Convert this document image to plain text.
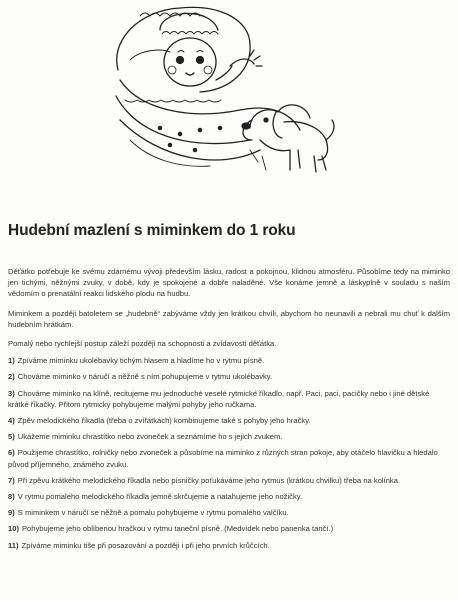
Hudební mazlení s miminkem do 1 roku

Děťátko potřebuje ke svému zdárnému vývoji především lásku, radost a pokojnou, klidnou atmosféru. Působíme tedy na miminko jen tichými, něžnými zvuky, v době, kdy je spokojené a dobře naladěné. Vše konáme jemně a láskyplně v souladu s naším vědomím o prenatální reakci lidského plodu na hudbu.

Miminkem a později batoletem se „hudebně“ zabýváme vždy jen krátkou chvíli, abychom ho neunavili a nebrali mu chuť k dalším hudebním hrátkám.

Pomalý nebo rychlejší postup záleží později na schopnosti a zvídavosti děťátka.

1) Zpíváme miminku ukolébavky tichým hlasem a hladíme ho v rytmu písně.
2) Chováme miminko v náručí a něžně s ním pohupujeme v rytmu ukolébavky.
3) Chováme miminko na klíně, recitujeme mu jednoduché veselé rytmické říkadlo, např. Paci, paci, pacičky nebo i jiné dětské krátké říkačky. Přitom rytmicky pohybujeme malými pohyby jeho ručkama.
4) Zpěv melodického říkadla (třeba o zvířátkách) kombinujeme také s pohyby jeho hračky.
5) Ukážeme miminku chrastítko nebo zvoneček a seznámíme ho s jejich zvukem.
6) Použijeme chrastítko, rolničky nebo zvoneček a působíme na miminko z různých stran pokoje, aby otáčelo hlavičku a hledalo původ příjemného, známého zvuku.
7) Při zpěvu krátkého melodického říkadla nebo písničky poťukáváme jeho rytmus (krátkou chvilku) třeba na kolínka.
8) V rytmu pomalého melodického říkadla jemně skrčujeme a natahujeme jeho nožičky.
9) S miminkem v náručí se něžně a pomalu pohybujeme v rytmu pomalého valčíku.
10) Pohybujeme jeho oblíbenou hračkou v rytmu taneční písně. (Medvídek nebo panenka tančí.)
11) Zpíváme miminku tiše při posazování a později i při jeho prvních krůčcích.
